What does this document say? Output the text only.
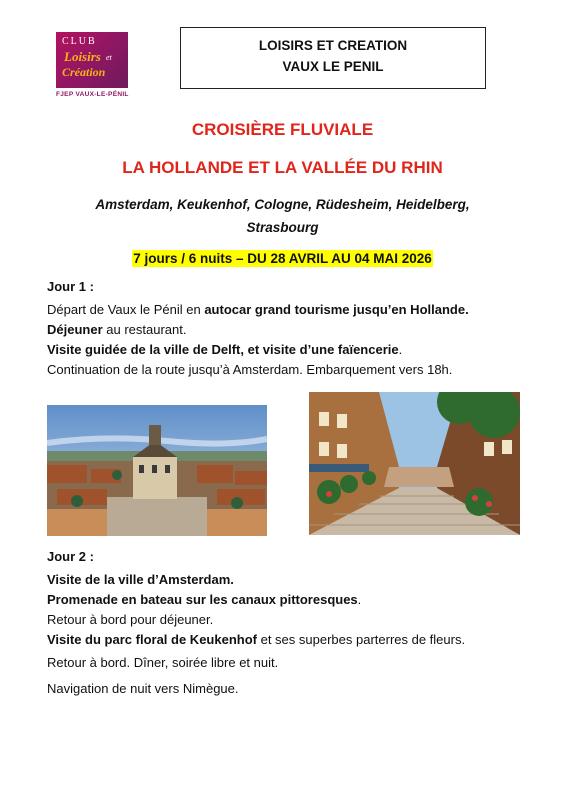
CLUB
Loisirs et
Création
FJEP VAUX-LE-PÉNIL
LOISIRS ET CREATION
VAUX LE PENIL
CROISIÈRE FLUVIALE
LA HOLLANDE ET LA VALLÉE DU RHIN
Amsterdam, Keukenhof, Cologne, Rüdesheim, Heidelberg, Strasbourg
7 jours / 6 nuits – DU 28 AVRIL AU 04 MAI 2026
Jour 1 :
Départ de Vaux le Pénil en autocar grand tourisme jusqu’en Hollande.
Déjeuner au restaurant.
Visite guidée de la ville de Delft, et visite d’une faïencerie.
Continuation de la route jusqu’à Amsterdam. Embarquement vers 18h.
Jour 2 :
Visite de la ville d’Amsterdam.
Promenade en bateau sur les canaux pittoresques.
Retour à bord pour déjeuner.
Visite du parc floral de Keukenhof et ses superbes parterres de fleurs.
Retour à bord. Dîner, soirée libre et nuit.
Navigation de nuit vers Nimègue.
